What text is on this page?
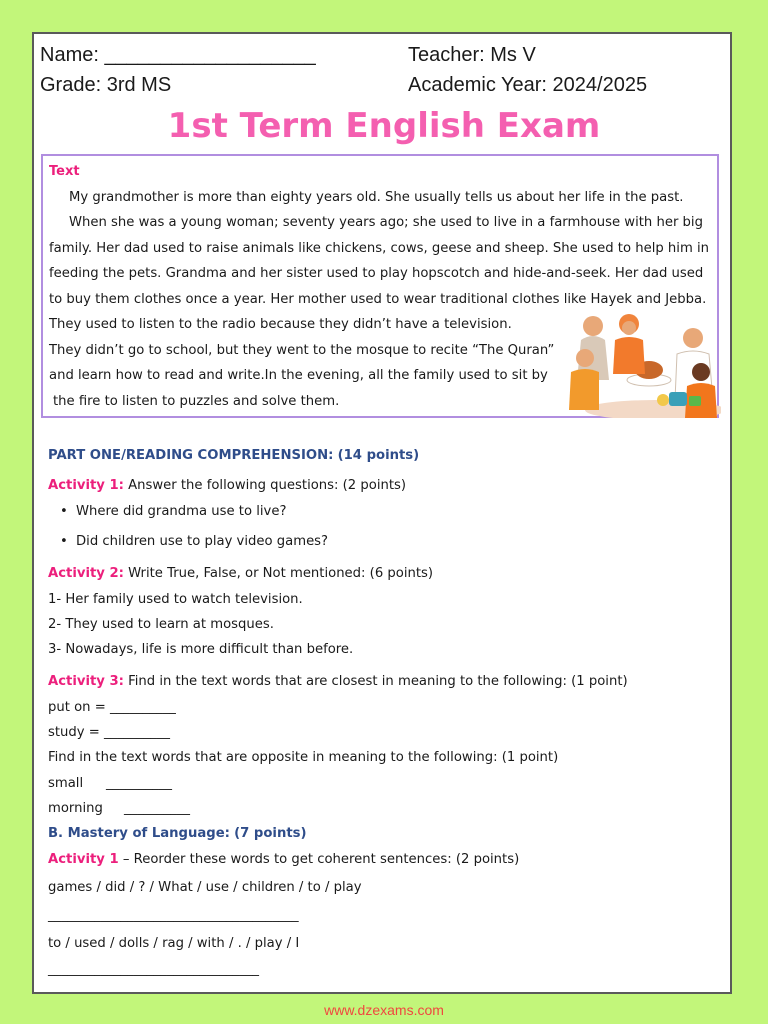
Name: ___________________	Teacher: Ms V
Grade: 3rd MS	Academic Year: 2024/2025
1st Term English Exam
Text
My grandmother is more than eighty years old. She usually tells us about her life in the past.
When she was a young woman; seventy years ago; she used to live in a farmhouse with her big
family. Her dad used to raise animals like chickens, cows, geese and sheep. She used to help him in
feeding the pets. Grandma and her sister used to play hopscotch and hide-and-seek. Her dad used
to buy them clothes once a year. Her mother used to wear traditional clothes like Hayek and Jebba.
They used to listen to the radio because they didn’t have a television.
They didn’t go to school, but they went to the mosque to recite “The Quran”
and learn how to read and write.In the evening, all the family used to sit by
the fire to listen to puzzles and solve them.
PART ONE/READING COMPREHENSION: (14 points)
Activity 1: Answer the following questions: (2 points)
• Where did grandma use to live?
• Did children use to play video games?
Activity 2: Write True, False, or Not mentioned: (6 points)
1- Her family used to watch television.
2- They used to learn at mosques.
3- Nowadays, life is more difficult than before.
Activity 3: Find in the text words that are closest in meaning to the following: (1 point)
put on = __________
study = __________
Find in the text words that are opposite in meaning to the following: (1 point)
small __________
morning __________
B. Mastery of Language: (7 points)
Activity 1 – Reorder these words to get coherent sentences: (2 points)
games / did / ? / What / use / children / to / play
______________________________________
to / used / dolls / rag / with / . / play / I
________________________________
www.dzexams.com
